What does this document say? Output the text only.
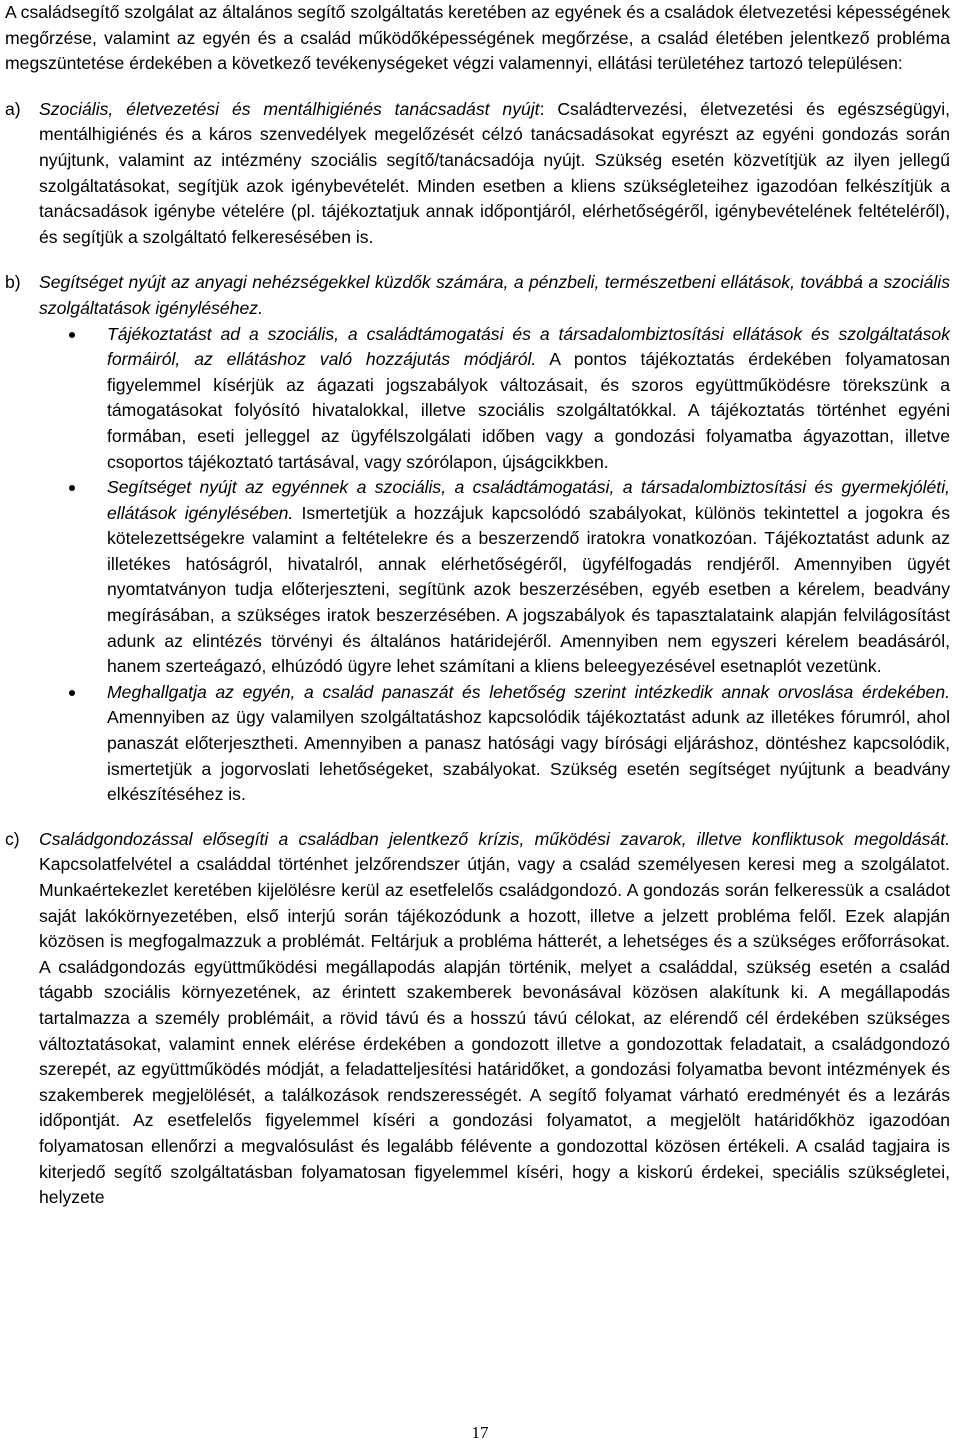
A családsegítő szolgálat az általános segítő szolgáltatás keretében az egyének és a családok életvezetési képességének megőrzése, valamint az egyén és a család működőképességének megőrzése, a család életében jelentkező probléma megszüntetése érdekében a következő tevékenységeket végzi valamennyi, ellátási területéhez tartozó településen:

a)	Szociális, életvezetési és mentálhigiénés tanácsadást nyújt: Családtervezési, életvezetési és egészségügyi, mentálhigiénés és a káros szenvedélyek megelőzését célzó tanácsadásokat egyrészt az egyéni gondozás során nyújtunk, valamint az intézmény szociális segítő/tanácsadója nyújt. Szükség esetén közvetítjük az ilyen jellegű szolgáltatásokat, segítjük azok igénybevételét. Minden esetben a kliens szükségleteihez igazodóan felkészítjük a tanácsadások igénybe vételére (pl. tájékoztatjuk annak időpontjáról, elérhetőségéről, igénybevételének feltételéről), és segítjük a szolgáltató felkeresésében is.

b)	Segítséget nyújt az anyagi nehézségekkel küzdők számára, a pénzbeli, természetbeni ellátások, továbbá a szociális szolgáltatások igényléséhez.

Tájékoztatást ad a szociális, a családtámogatási és a társadalombiztosítási ellátások és szolgáltatások formáiról, az ellátáshoz való hozzájutás módjáról. A pontos tájékoztatás érdekében folyamatosan figyelemmel kísérjük az ágazati jogszabályok változásait, és szoros együttműködésre törekszünk a támogatásokat folyósító hivatalokkal, illetve szociális szolgáltatókkal. A tájékoztatás történhet egyéni formában, eseti jelleggel az ügyfélszolgálati időben vagy a gondozási folyamatba ágyazottan, illetve csoportos tájékoztató tartásával, vagy szórólapon, újságcikkben.

Segítséget nyújt az egyénnek a szociális, a családtámogatási, a társadalombiztosítási és gyermekjóléti, ellátások igénylésében. Ismertetjük a hozzájuk kapcsolódó szabályokat, különös tekintettel a jogokra és kötelezettségekre valamint a feltételekre és a beszerzendő iratokra vonatkozóan. Tájékoztatást adunk az illetékes hatóságról, hivatalról, annak elérhetőségéről, ügyfélfogadás rendjéről. Amennyiben ügyét nyomtatványon tudja előterjeszteni, segítünk azok beszerzésében, egyéb esetben a kérelem, beadvány megírásában, a szükséges iratok beszerzésében. A jogszabályok és tapasztalataink alapján felvilágosítást adunk az elintézés törvényi és általános határidejéről. Amennyiben nem egyszeri kérelem beadásáról, hanem szerteágazó, elhúzódó ügyre lehet számítani a kliens beleegyezésével esetnaplót vezetünk.

Meghallgatja az egyén, a család panaszát és lehetőség szerint intézkedik annak orvoslása érdekében. Amennyiben az ügy valamilyen szolgáltatáshoz kapcsolódik tájékoztatást adunk az illetékes fórumról, ahol panaszát előterjesztheti. Amennyiben a panasz hatósági vagy bírósági eljáráshoz, döntéshez kapcsolódik, ismertetjük a jogorvoslati lehetőségeket, szabályokat. Szükség esetén segítséget nyújtunk a beadvány elkészítéséhez is.

c)	Családgondozással elősegíti a családban jelentkező krízis, működési zavarok, illetve konfliktusok megoldását. Kapcsolatfelvétel a családdal történhet jelzőrendszer útján, vagy a család személyesen keresi meg a szolgálatot. Munkaértekezlet keretében kijelölésre kerül az esetfelelős családgondozó. A gondozás során felkeressük a családot saját lakókörnyezetében, első interjú során tájékozódunk a hozott, illetve a jelzett probléma felől. Ezek alapján közösen is megfogalmazzuk a problémát. Feltárjuk a probléma hátterét, a lehetséges és a szükséges erőforrásokat. A családgondozás együttműködési megállapodás alapján történik, melyet a családdal, szükség esetén a család tágabb szociális környezetének, az érintett szakemberek bevonásával közösen alakítunk ki. A megállapodás tartalmazza a személy problémáit, a rövid távú és a hosszú távú célokat, az elérendő cél érdekében szükséges változtatásokat, valamint ennek elérése érdekében a gondozott illetve a gondozottak feladatait, a családgondozó szerepét, az együttműködés módját, a feladatteljesítési határidőket, a gondozási folyamatba bevont intézmények és szakemberek megjelölését, a találkozások rendszerességét. A segítő folyamat várható eredményét és a lezárás időpontját. Az esetfelelős figyelemmel kíséri a gondozási folyamatot, a megjelölt határidőkhöz igazodóan folyamatosan ellenőrzi a megvalósulást és legalább félévente a gondozottal közösen értékeli. A család tagjaira is kiterjedő segítő szolgáltatásban folyamatosan figyelemmel kíséri, hogy a kiskorú érdekei, speciális szükségletei, helyzete

17
